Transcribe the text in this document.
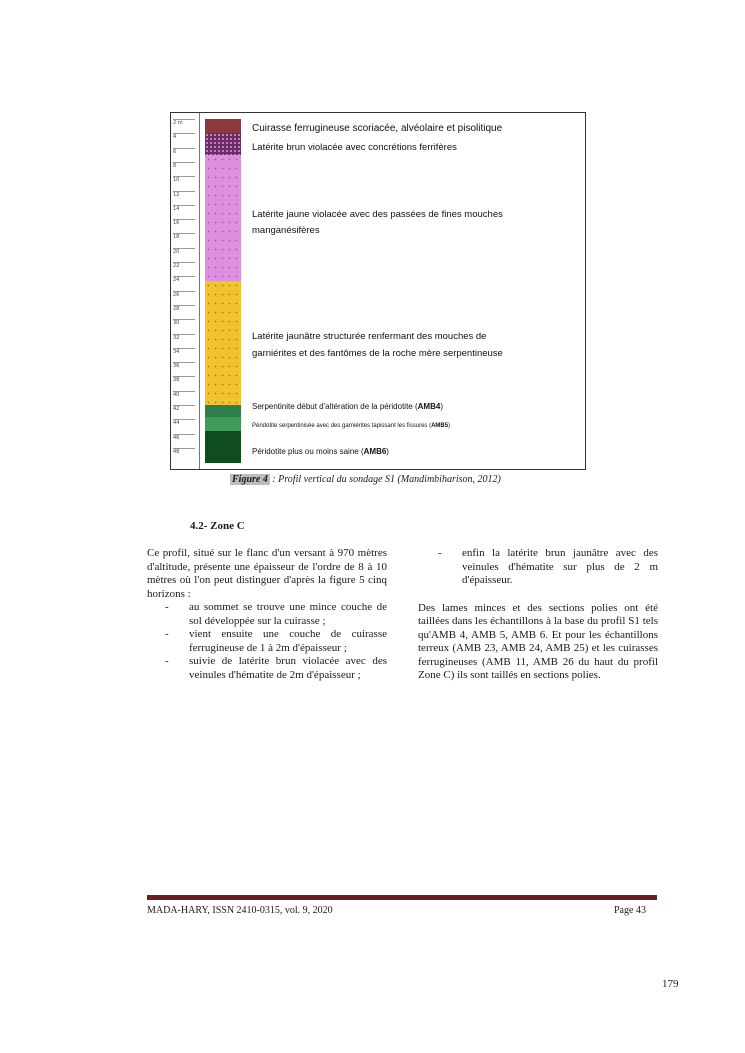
2 m
4
6
8
10
12
14
16
18
20
22
24
26
28
30
32
34
36
38
40
42
44
46
48
Cuirasse ferrugineuse scoriacée, alvéolaire et pisolitique
Latérite brun violacée avec concrétions ferrifères
Latérite jaune violacée avec des passées de fines mouches
manganésifères
Latérite jaunâtre structurée renfermant des mouches de
garniérites et des fantômes de la roche mère serpentineuse
Serpentinite début d'altération de la péridotite (AMB4)
Péridotite serpentinisée avec des garniérites tapissant les fissures (AMB5)
Péridotite plus ou moins saine (AMB6)
Figure 4 : Profil vertical du sondage S1 (Mandimbiharison, 2012)
4.2- Zone C
Ce profil, situé sur le flanc d'un versant à 970 mètres d'altitude, présente une épaisseur de l'ordre de 8 à 10 mètres où l'on peut distinguer d'après la figure 5 cinq horizons :
-	au sommet se trouve une mince couche de sol développée sur la cuirasse ;
-	vient ensuite une couche de cuirasse ferrugineuse de 1 à 2m d'épaisseur ;
-	suivie de latérite brun violacée avec des veinules d'hématite de 2m d'épaisseur ;
-	enfin la latérite brun jaunâtre avec des veinules d'hématite sur plus de 2 m d'épaisseur.
Des lames minces et des sections polies ont été taillées dans les échantillons à la base du profil S1 tels qu'AMB 4, AMB 5, AMB 6. Et pour les échantillons terreux (AMB 23, AMB 24, AMB 25) et les cuirasses ferrugineuses (AMB 11, AMB 26 du haut du profil Zone C) ils sont taillés en sections polies.
MADA-HARY, ISSN 2410-0315, vol. 9, 2020	Page 43
179
